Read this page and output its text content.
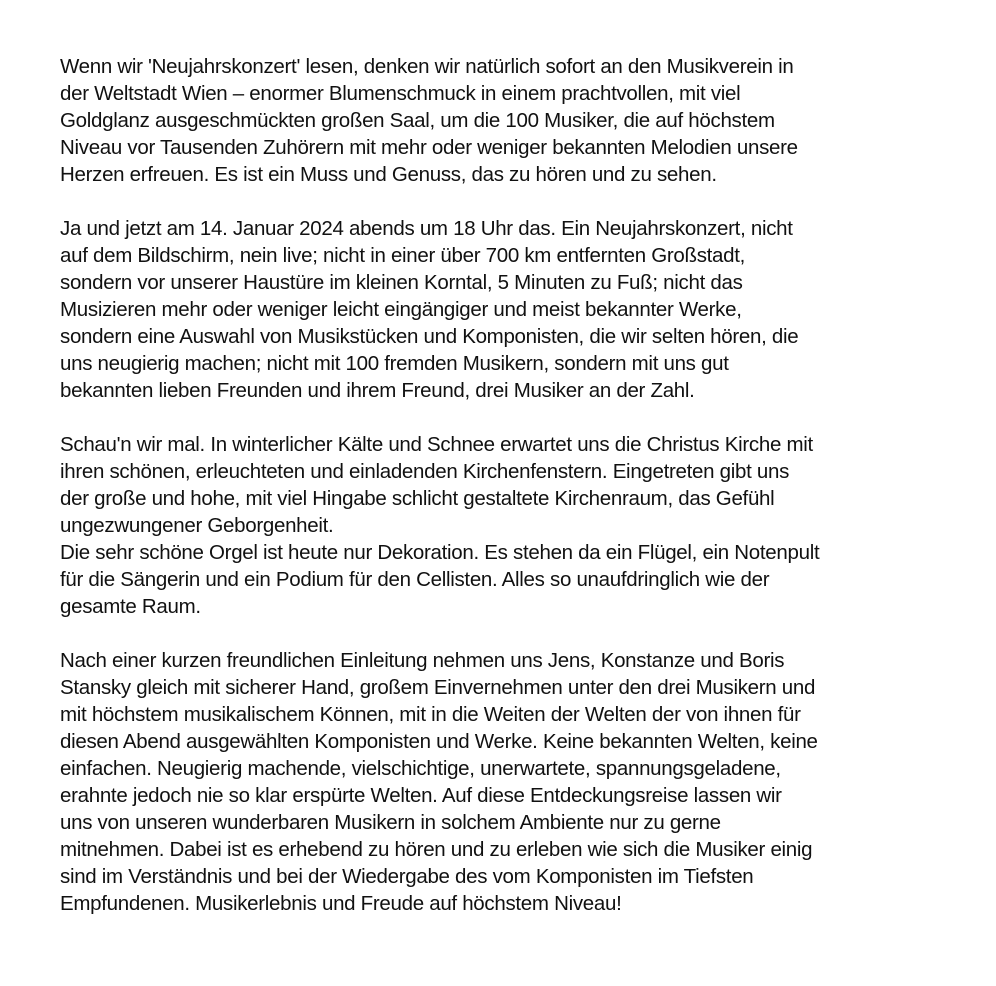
Wenn wir 'Neujahrskonzert' lesen, denken wir natürlich sofort an den Musikverein in
der Weltstadt Wien – enormer Blumenschmuck in einem prachtvollen, mit viel
Goldglanz ausgeschmückten großen Saal, um die 100 Musiker, die auf höchstem
Niveau vor Tausenden Zuhörern mit mehr oder weniger bekannten Melodien unsere
Herzen erfreuen. Es ist ein Muss und Genuss, das zu hören und zu sehen.
Ja und jetzt am 14. Januar 2024 abends um 18 Uhr das. Ein Neujahrskonzert, nicht
auf dem Bildschirm, nein live; nicht in einer über 700 km entfernten Großstadt,
sondern vor unserer Haustüre im kleinen Korntal, 5 Minuten zu Fuß; nicht das
Musizieren mehr oder weniger leicht eingängiger und meist bekannter Werke,
sondern eine Auswahl von Musikstücken und Komponisten, die wir selten hören, die
uns neugierig machen; nicht mit 100 fremden Musikern, sondern mit uns gut
bekannten lieben Freunden und ihrem Freund, drei Musiker an der Zahl.
Schau'n wir mal. In winterlicher Kälte und Schnee erwartet uns die Christus Kirche mit
ihren schönen, erleuchteten und einladenden Kirchenfenstern. Eingetreten gibt uns
der große und hohe, mit viel Hingabe schlicht gestaltete Kirchenraum, das Gefühl
ungezwungener Geborgenheit.
Die sehr schöne Orgel ist heute nur Dekoration. Es stehen da ein Flügel, ein Notenpult
für die Sängerin und ein Podium für den Cellisten. Alles so unaufdringlich wie der
gesamte Raum.
Nach einer kurzen freundlichen Einleitung nehmen uns Jens, Konstanze und Boris
Stansky gleich mit sicherer Hand, großem Einvernehmen unter den drei Musikern und
mit höchstem musikalischem Können, mit in die Weiten der Welten der von ihnen für
diesen Abend ausgewählten Komponisten und Werke. Keine bekannten Welten, keine
einfachen. Neugierig machende, vielschichtige, unerwartete, spannungsgeladene,
erahnte jedoch nie so klar erspürte Welten. Auf diese Entdeckungsreise lassen wir
uns von unseren wunderbaren Musikern in solchem Ambiente nur zu gerne
mitnehmen. Dabei ist es erhebend zu hören und zu erleben wie sich die Musiker einig
sind im Verständnis und bei der Wiedergabe des vom Komponisten im Tiefsten
Empfundenen. Musikerlebnis und Freude auf höchstem Niveau!
